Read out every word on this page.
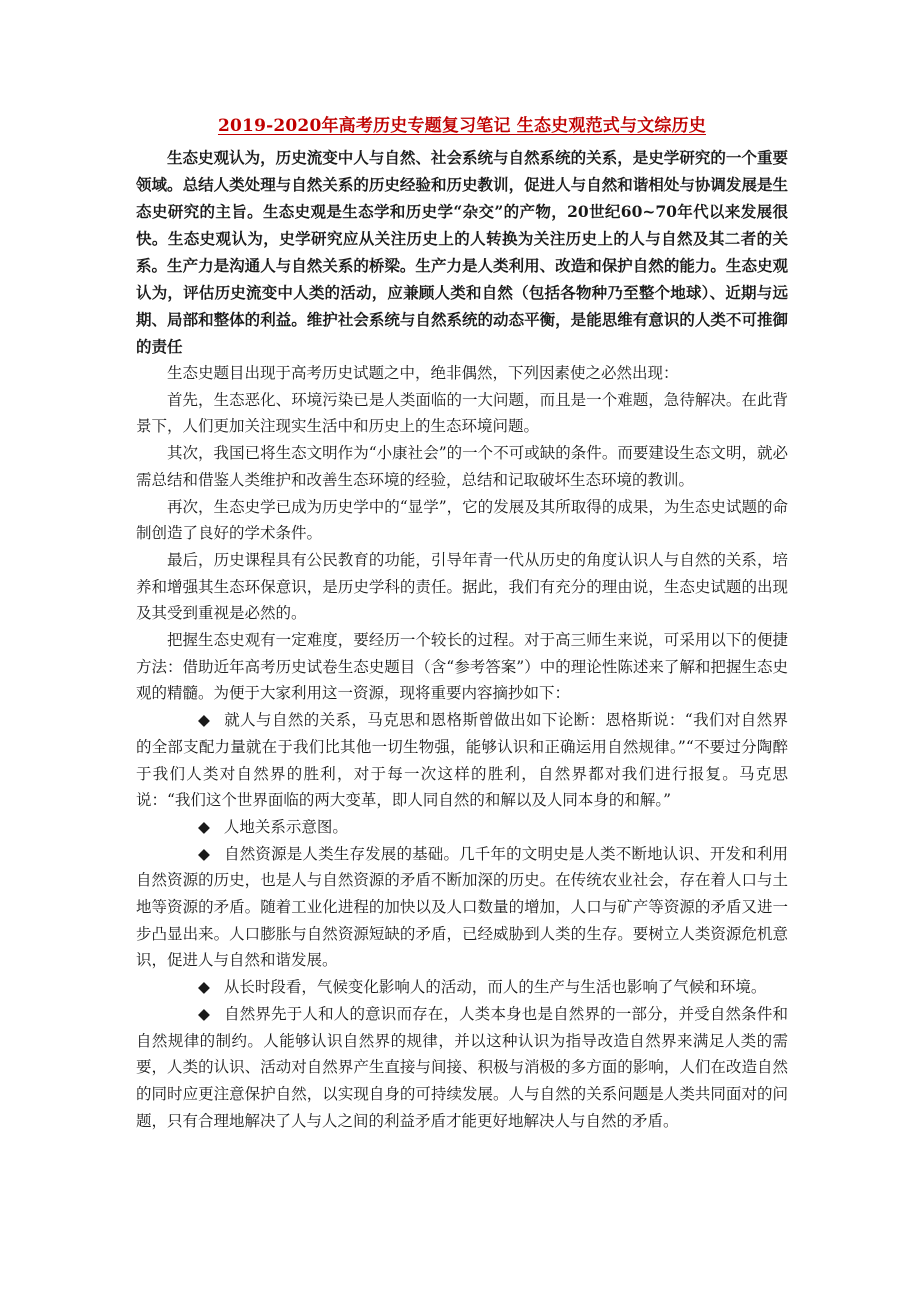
2019-2020年高考历史专题复习笔记 生态史观范式与文综历史

生态史观认为，历史流变中人与自然、社会系统与自然系统的关系，是史学研究的一个重要领域。总结人类处理与自然关系的历史经验和历史教训，促进人与自然和谐相处与协调发展是生态史研究的主旨。生态史观是生态学和历史学“杂交”的产物，20世纪60~70年代以来发展很快。生态史观认为，史学研究应从关注历史上的人转换为关注历史上的人与自然及其二者的关系。生产力是沟通人与自然关系的桥梁。生产力是人类利用、改造和保护自然的能力。生态史观认为，评估历史流变中人类的活动，应兼顾人类和自然（包括各物种乃至整个地球）、近期与远期、局部和整体的利益。维护社会系统与自然系统的动态平衡，是能思维有意识的人类不可推御的责任

生态史题目出现于高考历史试题之中，绝非偶然，下列因素使之必然出现：

首先，生态恶化、环境污染已是人类面临的一大问题，而且是一个难题，急待解决。在此背景下，人们更加关注现实生活中和历史上的生态环境问题。

其次，我国已将生态文明作为“小康社会”的一个不可或缺的条件。而要建设生态文明，就必需总结和借鉴人类维护和改善生态环境的经验，总结和记取破坏生态环境的教训。

再次，生态史学已成为历史学中的“显学”，它的发展及其所取得的成果，为生态史试题的命制创造了良好的学术条件。

最后，历史课程具有公民教育的功能，引导年青一代从历史的角度认识人与自然的关系，培养和增强其生态环保意识，是历史学科的责任。据此，我们有充分的理由说，生态史试题的出现及其受到重视是必然的。

把握生态史观有一定难度，要经历一个较长的过程。对于高三师生来说，可采用以下的便捷方法：借助近年高考历史试卷生态史题目（含“参考答案”）中的理论性陈述来了解和把握生态史观的精髓。为便于大家利用这一资源，现将重要内容摘抄如下：

◆ 就人与自然的关系，马克思和恩格斯曾做出如下论断：恩格斯说：“我们对自然界的全部支配力量就在于我们比其他一切生物强，能够认识和正确运用自然规律。”“不要过分陶醉于我们人类对自然界的胜利，对于每一次这样的胜利，自然界都对我们进行报复。马克思说：“我们这个世界面临的两大变革，即人同自然的和解以及人同本身的和解。”

◆ 人地关系示意图。

◆ 自然资源是人类生存发展的基础。几千年的文明史是人类不断地认识、开发和利用自然资源的历史，也是人与自然资源的矛盾不断加深的历史。在传统农业社会，存在着人口与土地等资源的矛盾。随着工业化进程的加快以及人口数量的增加，人口与矿产等资源的矛盾又进一步凸显出来。人口膨胀与自然资源短缺的矛盾，已经威胁到人类的生存。要树立人类资源危机意识，促进人与自然和谐发展。

◆ 从长时段看，气候变化影响人的活动，而人的生产与生活也影响了气候和环境。

◆ 自然界先于人和人的意识而存在，人类本身也是自然界的一部分，并受自然条件和自然规律的制约。人能够认识自然界的规律，并以这种认识为指导改造自然界来满足人类的需要，人类的认识、活动对自然界产生直接与间接、积极与消极的多方面的影响，人们在改造自然的同时应更注意保护自然，以实现自身的可持续发展。人与自然的关系问题是人类共同面对的问题，只有合理地解决了人与人之间的利益矛盾才能更好地解决人与自然的矛盾。
